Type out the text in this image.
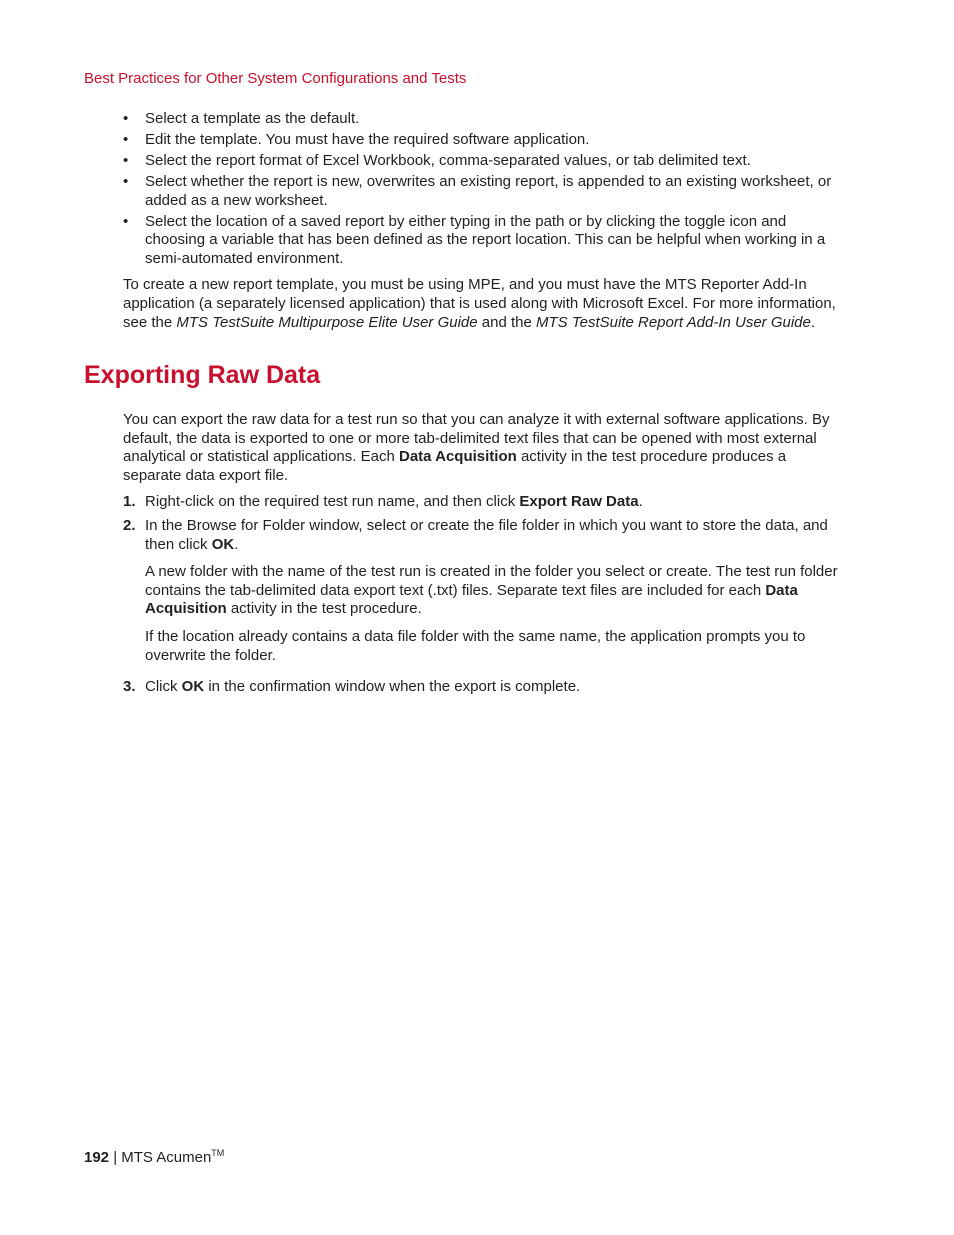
Best Practices for Other System Configurations and Tests

• Select a template as the default.
• Edit the template. You must have the required software application.
• Select the report format of Excel Workbook, comma-separated values, or tab delimited text.
• Select whether the report is new, overwrites an existing report, is appended to an existing worksheet, or added as a new worksheet.
• Select the location of a saved report by either typing in the path or by clicking the toggle icon and choosing a variable that has been defined as the report location. This can be helpful when working in a semi-automated environment.

To create a new report template, you must be using MPE, and you must have the MTS Reporter Add-In application (a separately licensed application) that is used along with Microsoft Excel. For more information, see the MTS TestSuite Multipurpose Elite User Guide and the MTS TestSuite Report Add-In User Guide.

Exporting Raw Data

You can export the raw data for a test run so that you can analyze it with external software applications. By default, the data is exported to one or more tab-delimited text files that can be opened with most external analytical or statistical applications. Each Data Acquisition activity in the test procedure produces a separate data export file.

1. Right-click on the required test run name, and then click Export Raw Data.
2. In the Browse for Folder window, select or create the file folder in which you want to store the data, and then click OK.

A new folder with the name of the test run is created in the folder you select or create. The test run folder contains the tab-delimited data export text (.txt) files. Separate text files are included for each Data Acquisition activity in the test procedure.

If the location already contains a data file folder with the same name, the application prompts you to overwrite the folder.

3. Click OK in the confirmation window when the export is complete.

192 | MTS Acumen™
